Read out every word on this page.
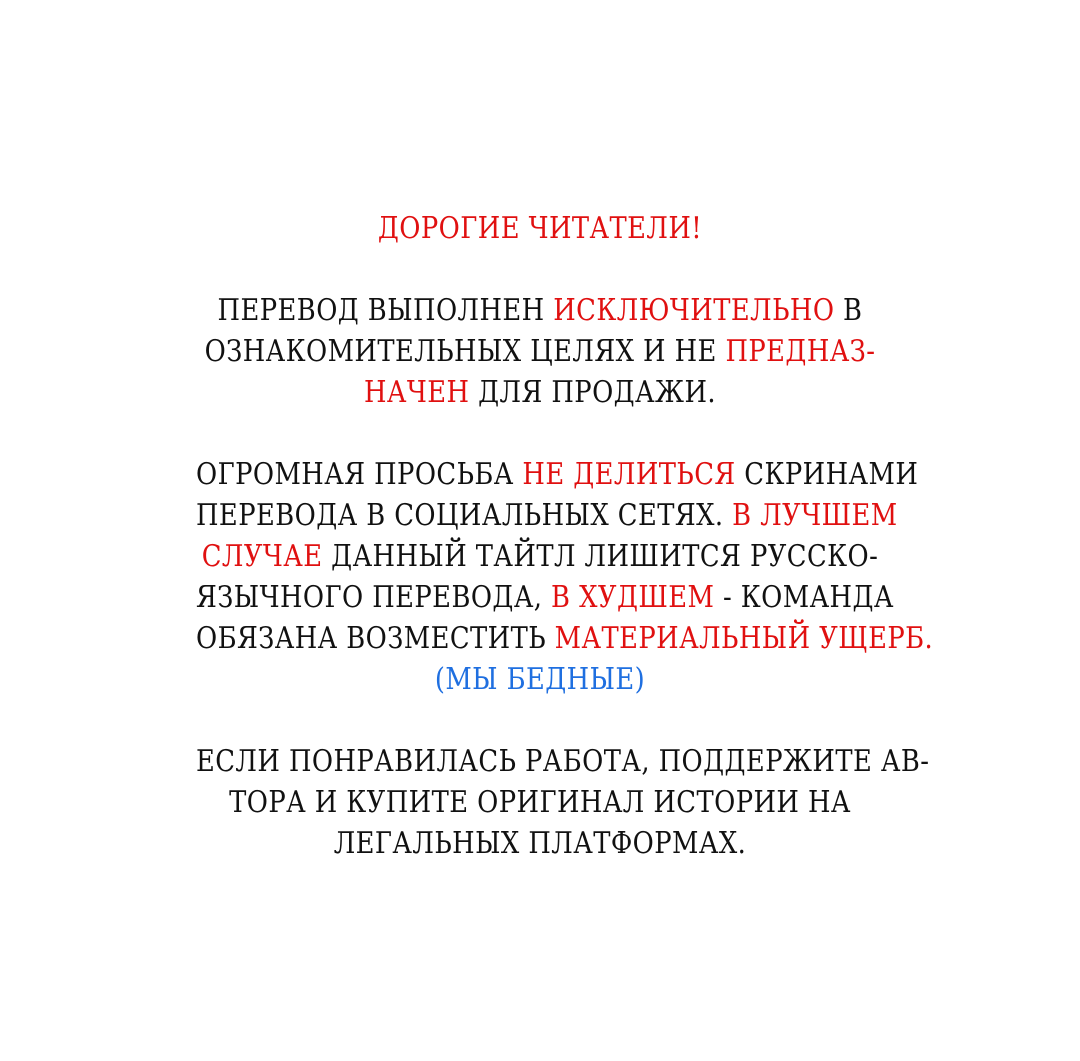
ДОРОГИЕ ЧИТАТЕЛИ!

ПЕРЕВОД ВЫПОЛНЕН ИСКЛЮЧИТЕЛЬНО В
ОЗНАКОМИТЕЛЬНЫХ ЦЕЛЯХ И НЕ ПРЕДНАЗ-
НАЧЕН ДЛЯ ПРОДАЖИ.

ОГРОМНАЯ ПРОСЬБА НЕ ДЕЛИТЬСЯ СКРИНАМИ
ПЕРЕВОДА В СОЦИАЛЬНЫХ СЕТЯХ. В ЛУЧШЕМ
СЛУЧАЕ ДАННЫЙ ТАЙТЛ ЛИШИТСЯ РУССКО-
ЯЗЫЧНОГО ПЕРЕВОДА, В ХУДШЕМ - КОМАНДА
ОБЯЗАНА ВОЗМЕСТИТЬ МАТЕРИАЛЬНЫЙ УЩЕРБ.
(МЫ БЕДНЫЕ)

ЕСЛИ ПОНРАВИЛАСЬ РАБОТА, ПОДДЕРЖИТЕ АВ-
ТОРА И КУПИТЕ ОРИГИНАЛ ИСТОРИИ НА
ЛЕГАЛЬНЫХ ПЛАТФОРМАХ.
